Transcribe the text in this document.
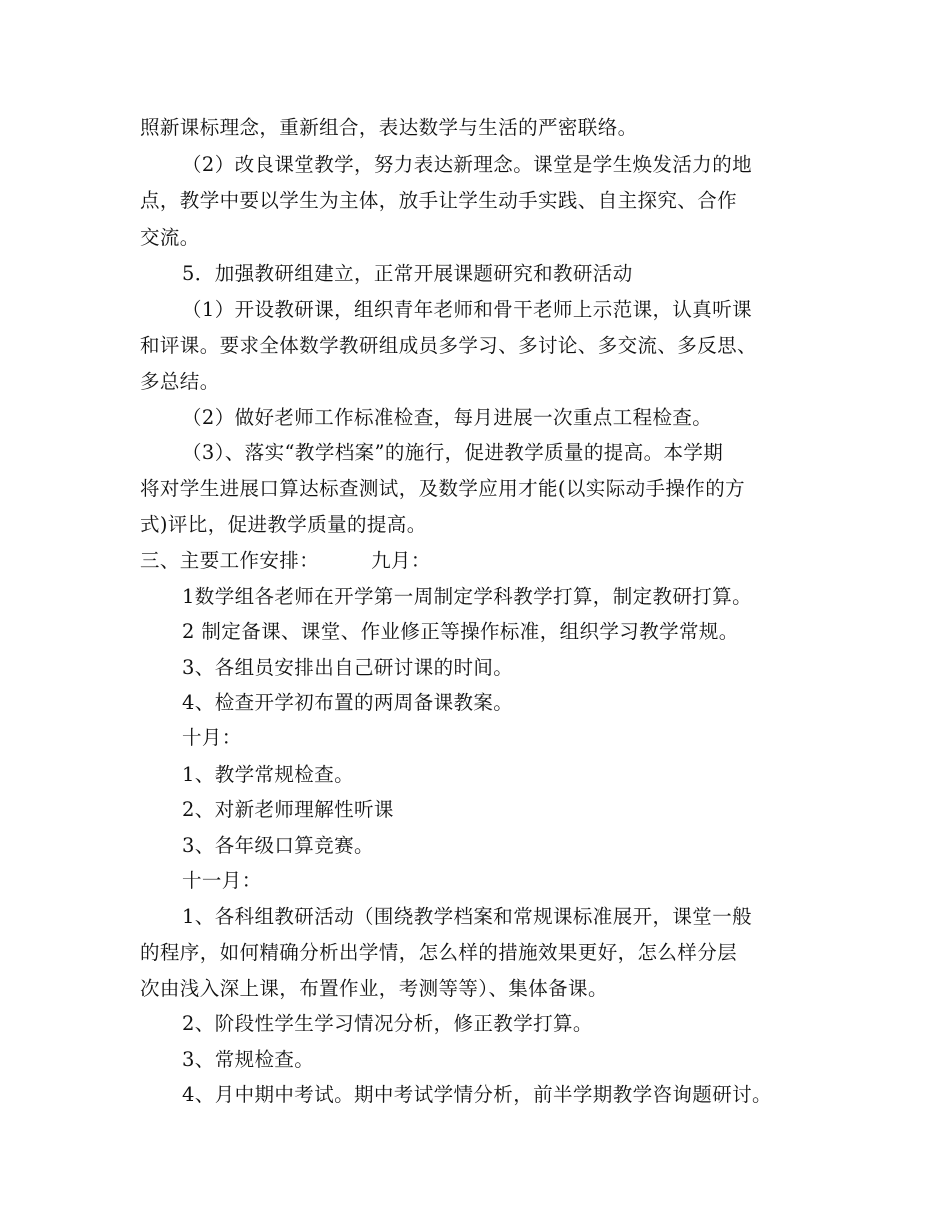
照新课标理念，重新组合，表达数学与生活的严密联络。
（2）改良课堂教学，努力表达新理念。课堂是学生焕发活力的地
点，教学中要以学生为主体，放手让学生动手实践、自主探究、合作
交流。
5．加强教研组建立，正常开展课题研究和教研活动
（1）开设教研课，组织青年老师和骨干老师上示范课，认真听课
和评课。要求全体数学教研组成员多学习、多讨论、多交流、多反思、
多总结。
（2）做好老师工作标准检查，每月进展一次重点工程检查。
（3）、落实“教学档案”的施行，促进教学质量的提高。本学期
将对学生进展口算达标查测试，及数学应用才能(以实际动手操作的方
式)评比，促进教学质量的提高。
三、主要工作安排：	九月：
1数学组各老师在开学第一周制定学科教学打算，制定教研打算。
2 制定备课、课堂、作业修正等操作标准，组织学习教学常规。
3、各组员安排出自己研讨课的时间。
4、检查开学初布置的两周备课教案。
十月：
1、教学常规检查。
2、对新老师理解性听课
3、各年级口算竞赛。
十一月：
1、各科组教研活动（围绕教学档案和常规课标准展开，课堂一般
的程序，如何精确分析出学情，怎么样的措施效果更好，怎么样分层
次由浅入深上课，布置作业，考测等等）、集体备课。
2、阶段性学生学习情况分析，修正教学打算。
3、常规检查。
4、月中期中考试。期中考试学情分析，前半学期教学咨询题研讨。
